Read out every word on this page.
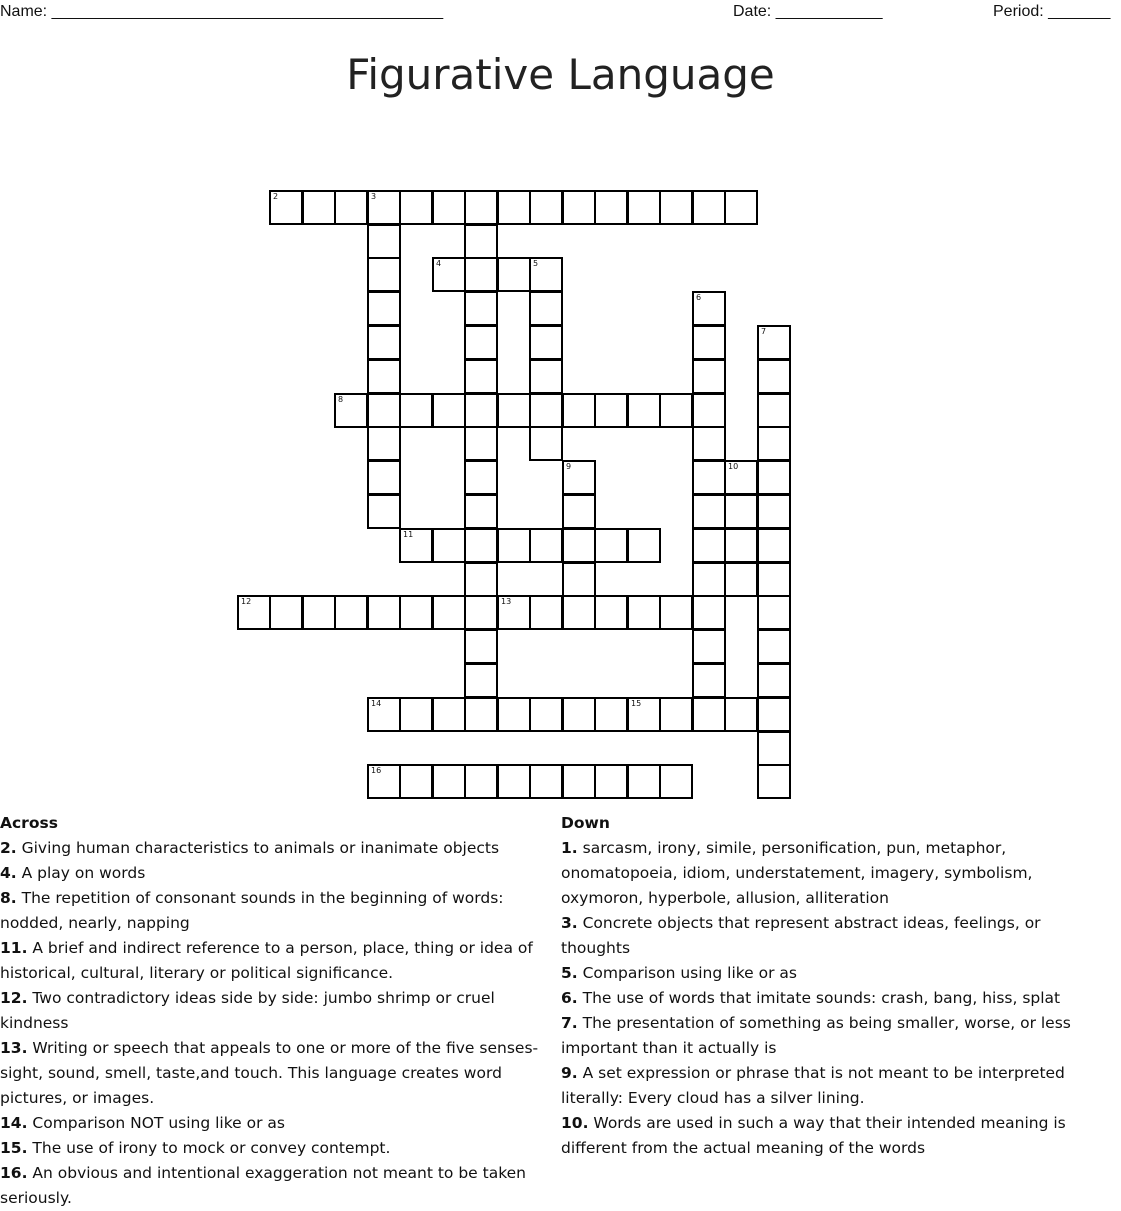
Name: ____________________________________________	Date: ____________	Period: _______
Figurative Language
2	3
4	5
6
7
8
9	10
11
12	13
14	15
16
Across
2. Giving human characteristics to animals or inanimate objects
4. A play on words
8. The repetition of consonant sounds in the beginning of words: nodded, nearly, napping
11. A brief and indirect reference to a person, place, thing or idea of historical, cultural, literary or political significance.
12. Two contradictory ideas side by side: jumbo shrimp or cruel kindness
13. Writing or speech that appeals to one or more of the five senses- sight, sound, smell, taste,and touch. This language creates word pictures, or images.
14. Comparison NOT using like or as
15. The use of irony to mock or convey contempt.
16. An obvious and intentional exaggeration not meant to be taken seriously.
Down
1. sarcasm, irony, simile, personification, pun, metaphor, onomatopoeia, idiom, understatement, imagery, symbolism, oxymoron, hyperbole, allusion, alliteration
3. Concrete objects that represent abstract ideas, feelings, or thoughts
5. Comparison using like or as
6. The use of words that imitate sounds: crash, bang, hiss, splat
7. The presentation of something as being smaller, worse, or less important than it actually is
9. A set expression or phrase that is not meant to be interpreted literally: Every cloud has a silver lining.
10. Words are used in such a way that their intended meaning is different from the actual meaning of the words
